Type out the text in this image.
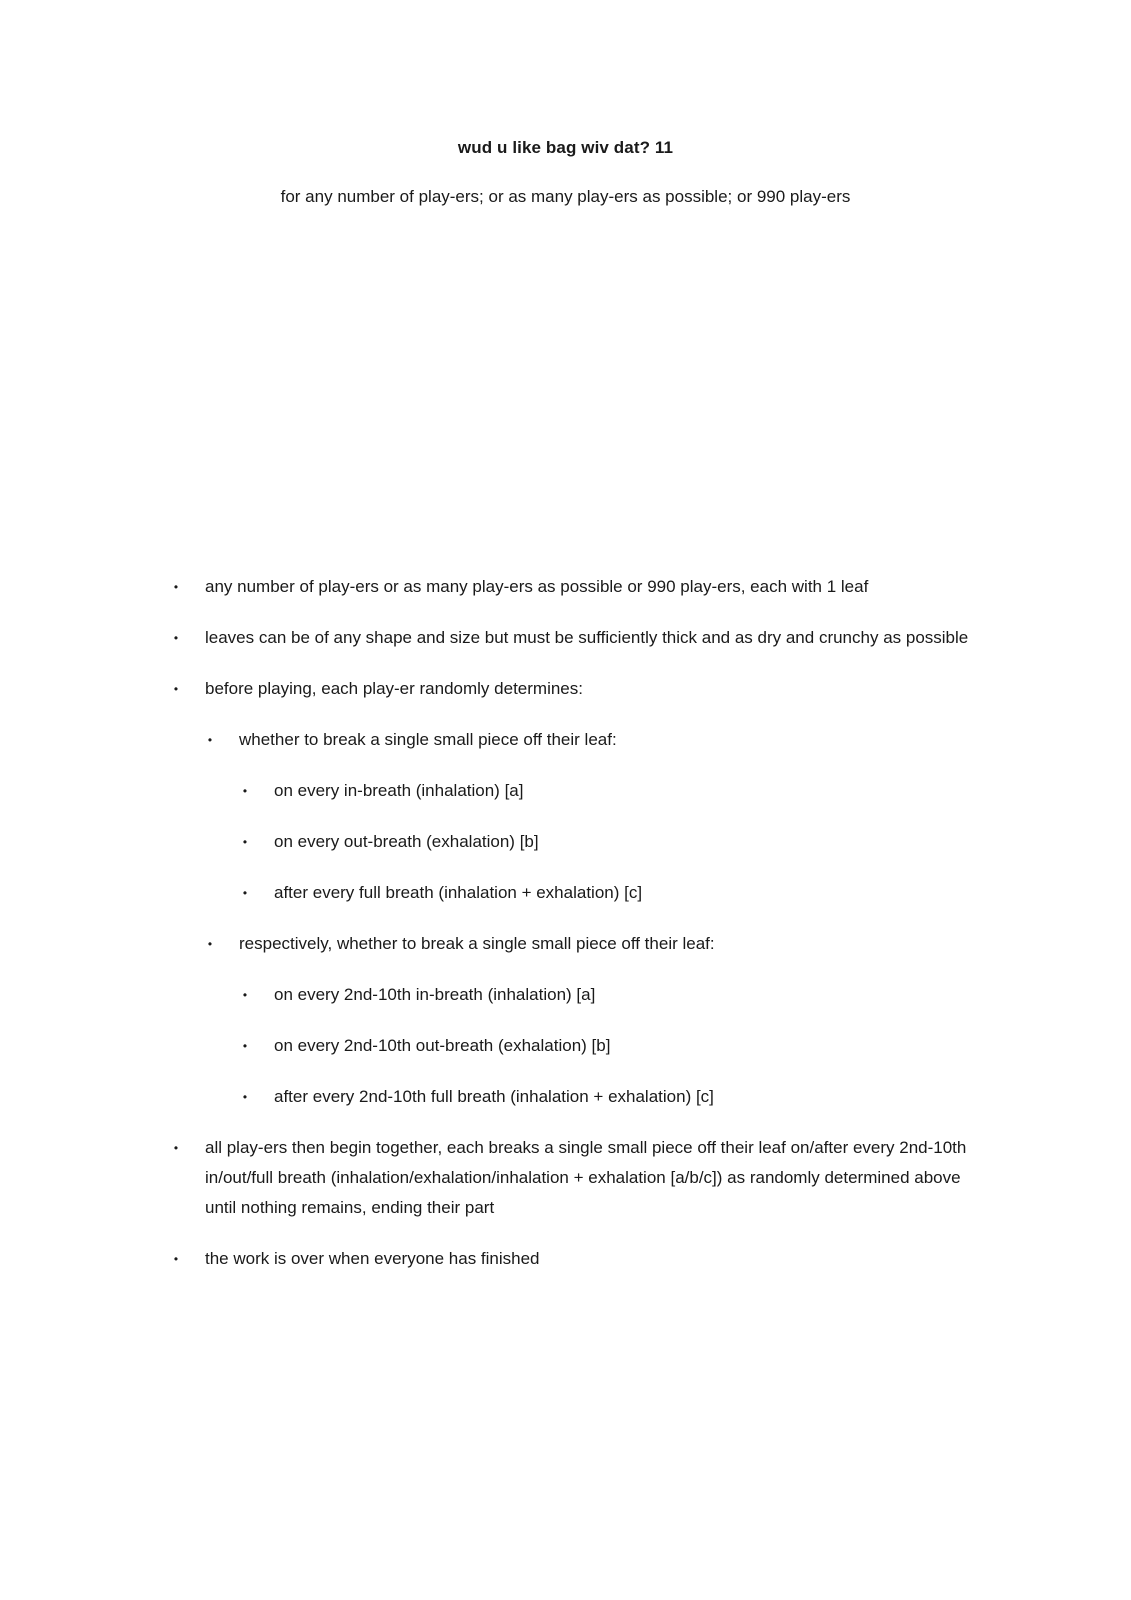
wud u like bag wiv dat? 11
for any number of play-ers; or as many play-ers as possible; or 990 play-ers
• any number of play-ers or as many play-ers as possible or 990 play-ers, each with 1 leaf
• leaves can be of any shape and size but must be sufficiently thick and as dry and crunchy as possible
• before playing, each play-er randomly determines:
• whether to break a single small piece off their leaf:
• on every in-breath (inhalation) [a]
• on every out-breath (exhalation) [b]
• after every full breath (inhalation + exhalation) [c]
• respectively, whether to break a single small piece off their leaf:
• on every 2nd-10th in-breath (inhalation) [a]
• on every 2nd-10th out-breath (exhalation) [b]
• after every 2nd-10th full breath (inhalation + exhalation) [c]
• all play-ers then begin together, each breaks a single small piece off their leaf on/after every 2nd-10th in/out/full breath (inhalation/exhalation/inhalation + exhalation [a/b/c]) as randomly determined above until nothing remains, ending their part
• the work is over when everyone has finished
